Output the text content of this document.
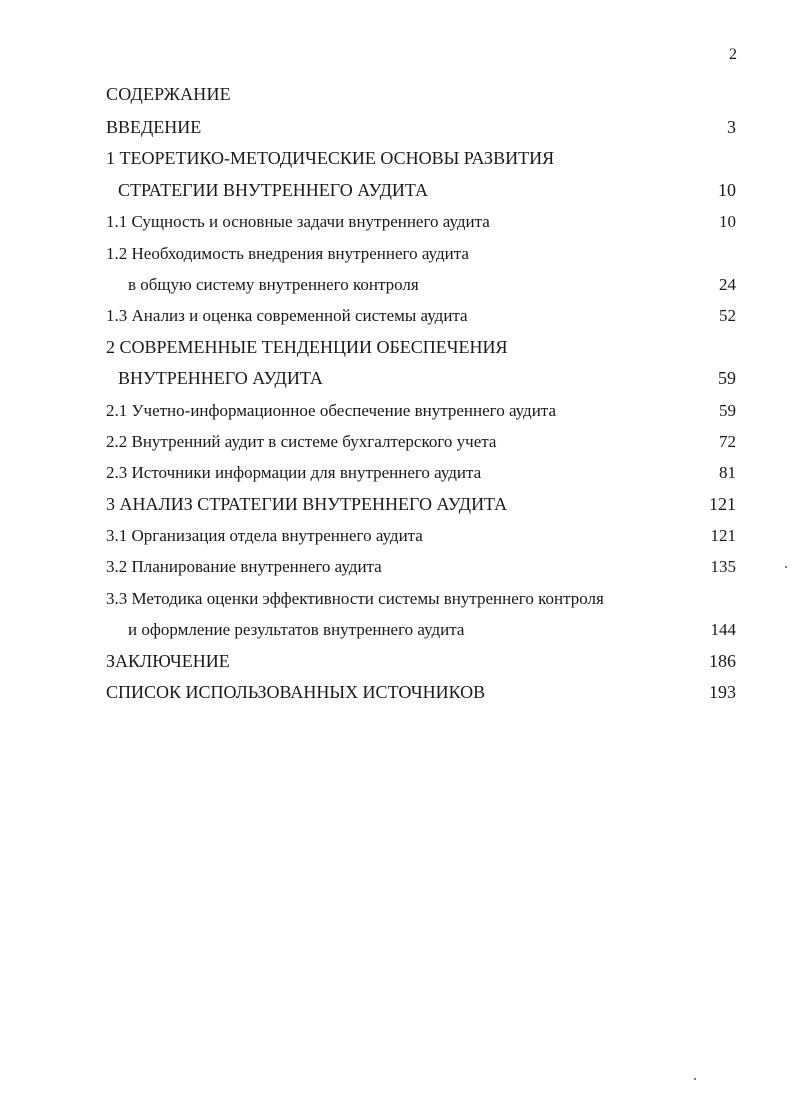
2
СОДЕРЖАНИЕ
ВВЕДЕНИЕ	3
1 ТЕОРЕТИКО-МЕТОДИЧЕСКИЕ ОСНОВЫ РАЗВИТИЯ
СТРАТЕГИИ ВНУТРЕННЕГО АУДИТА	10
1.1 Сущность и основные задачи внутреннего аудита	10
1.2 Необходимость внедрения внутреннего аудита
в общую систему внутреннего контроля	24
1.3 Анализ и оценка современной системы аудита	52
2 СОВРЕМЕННЫЕ ТЕНДЕНЦИИ ОБЕСПЕЧЕНИЯ
ВНУТРЕННЕГО АУДИТА	59
2.1 Учетно-информационное обеспечение внутреннего аудита	59
2.2 Внутренний аудит в системе бухгалтерского учета	72
2.3 Источники информации для внутреннего аудита	81
3 АНАЛИЗ СТРАТЕГИИ ВНУТРЕННЕГО АУДИТА	121
3.1 Организация отдела внутреннего аудита	121
3.2 Планирование внутреннего аудита	135
3.3 Методика оценки эффективности системы внутреннего контроля
и оформление результатов внутреннего аудита	144
ЗАКЛЮЧЕНИЕ	186
СПИСОК ИСПОЛЬЗОВАННЫХ ИСТОЧНИКОВ	193
